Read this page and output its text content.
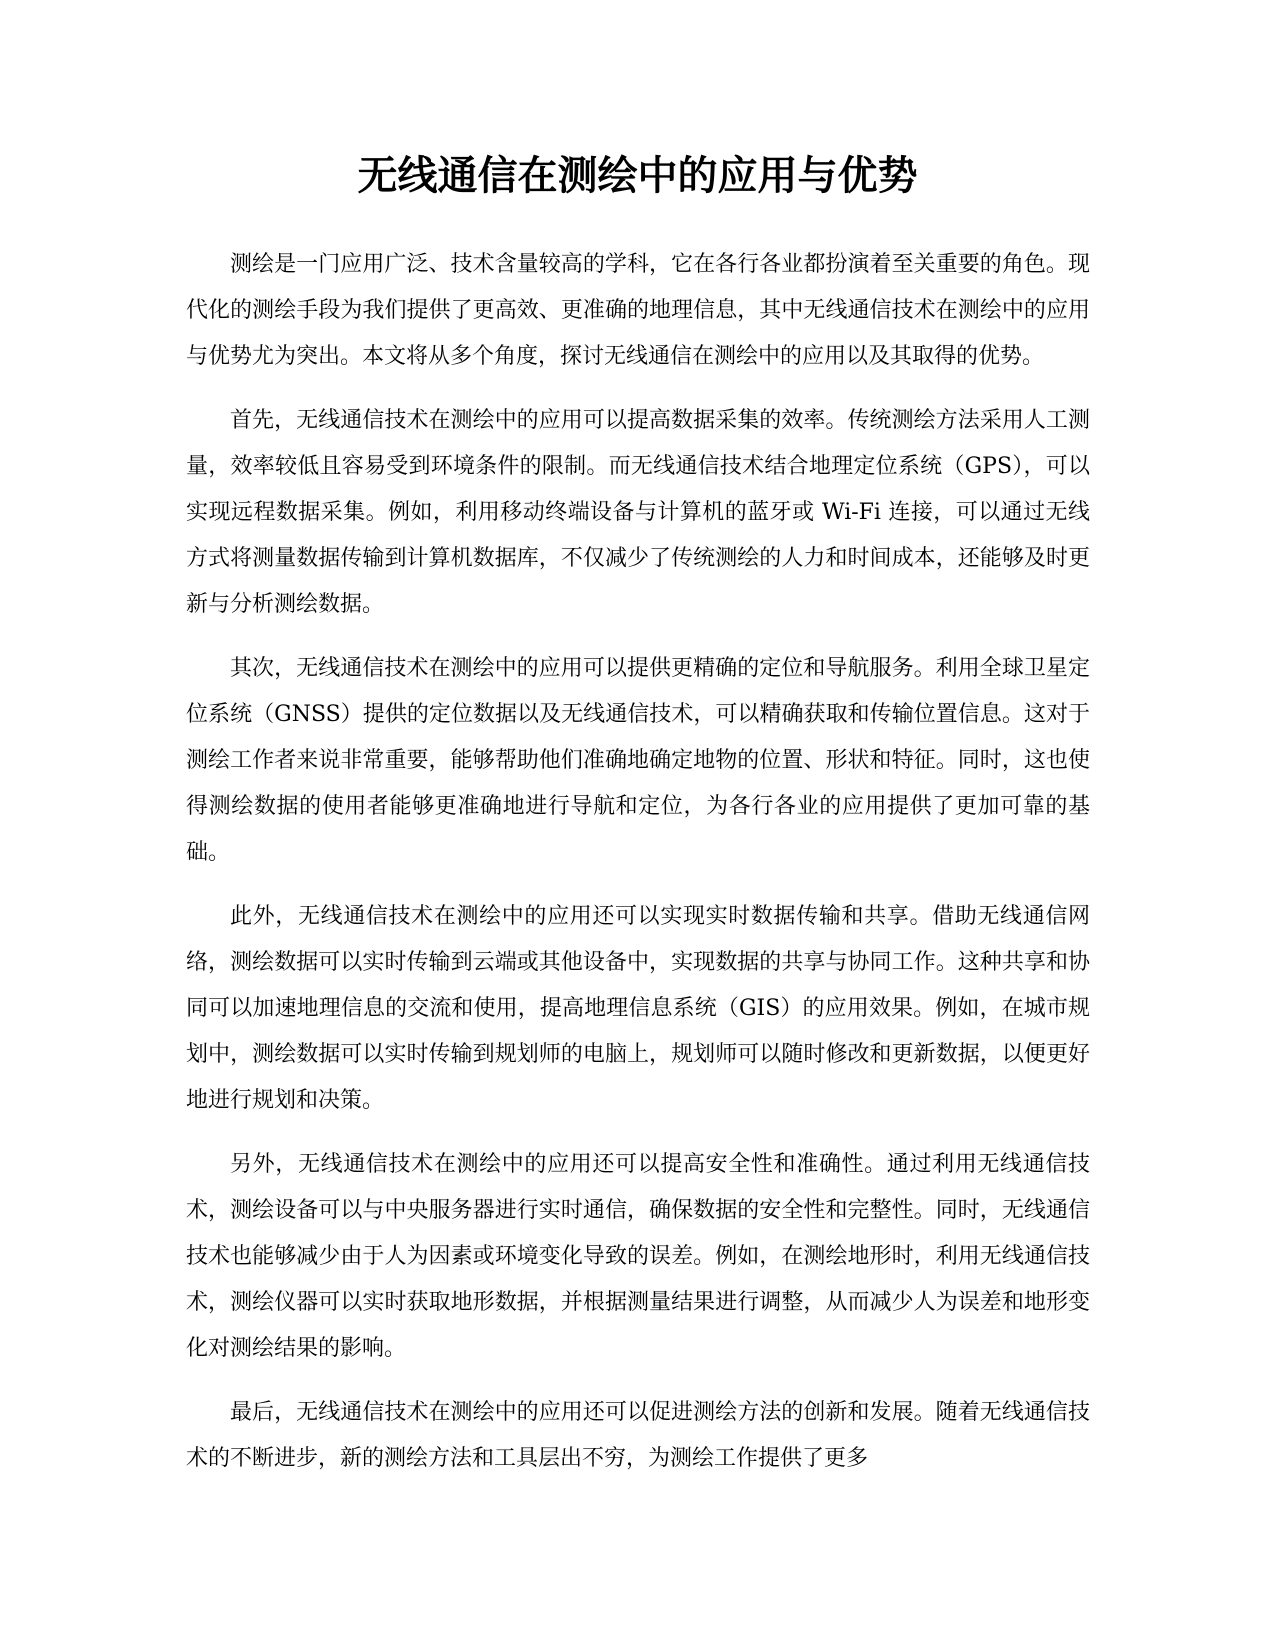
无线通信在测绘中的应用与优势

测绘是一门应用广泛、技术含量较高的学科，它在各行各业都扮演着至关重要的角色。现代化的测绘手段为我们提供了更高效、更准确的地理信息，其中无线通信技术在测绘中的应用与优势尤为突出。本文将从多个角度，探讨无线通信在测绘中的应用以及其取得的优势。

首先，无线通信技术在测绘中的应用可以提高数据采集的效率。传统测绘方法采用人工测量，效率较低且容易受到环境条件的限制。而无线通信技术结合地理定位系统（GPS），可以实现远程数据采集。例如，利用移动终端设备与计算机的蓝牙或 Wi-Fi 连接，可以通过无线方式将测量数据传输到计算机数据库，不仅减少了传统测绘的人力和时间成本，还能够及时更新与分析测绘数据。

其次，无线通信技术在测绘中的应用可以提供更精确的定位和导航服务。利用全球卫星定位系统（GNSS）提供的定位数据以及无线通信技术，可以精确获取和传输位置信息。这对于测绘工作者来说非常重要，能够帮助他们准确地确定地物的位置、形状和特征。同时，这也使得测绘数据的使用者能够更准确地进行导航和定位，为各行各业的应用提供了更加可靠的基础。

此外，无线通信技术在测绘中的应用还可以实现实时数据传输和共享。借助无线通信网络，测绘数据可以实时传输到云端或其他设备中，实现数据的共享与协同工作。这种共享和协同可以加速地理信息的交流和使用，提高地理信息系统（GIS）的应用效果。例如，在城市规划中，测绘数据可以实时传输到规划师的电脑上，规划师可以随时修改和更新数据，以便更好地进行规划和决策。

另外，无线通信技术在测绘中的应用还可以提高安全性和准确性。通过利用无线通信技术，测绘设备可以与中央服务器进行实时通信，确保数据的安全性和完整性。同时，无线通信技术也能够减少由于人为因素或环境变化导致的误差。例如，在测绘地形时，利用无线通信技术，测绘仪器可以实时获取地形数据，并根据测量结果进行调整，从而减少人为误差和地形变化对测绘结果的影响。

最后，无线通信技术在测绘中的应用还可以促进测绘方法的创新和发展。随着无线通信技术的不断进步，新的测绘方法和工具层出不穷，为测绘工作提供了更多
